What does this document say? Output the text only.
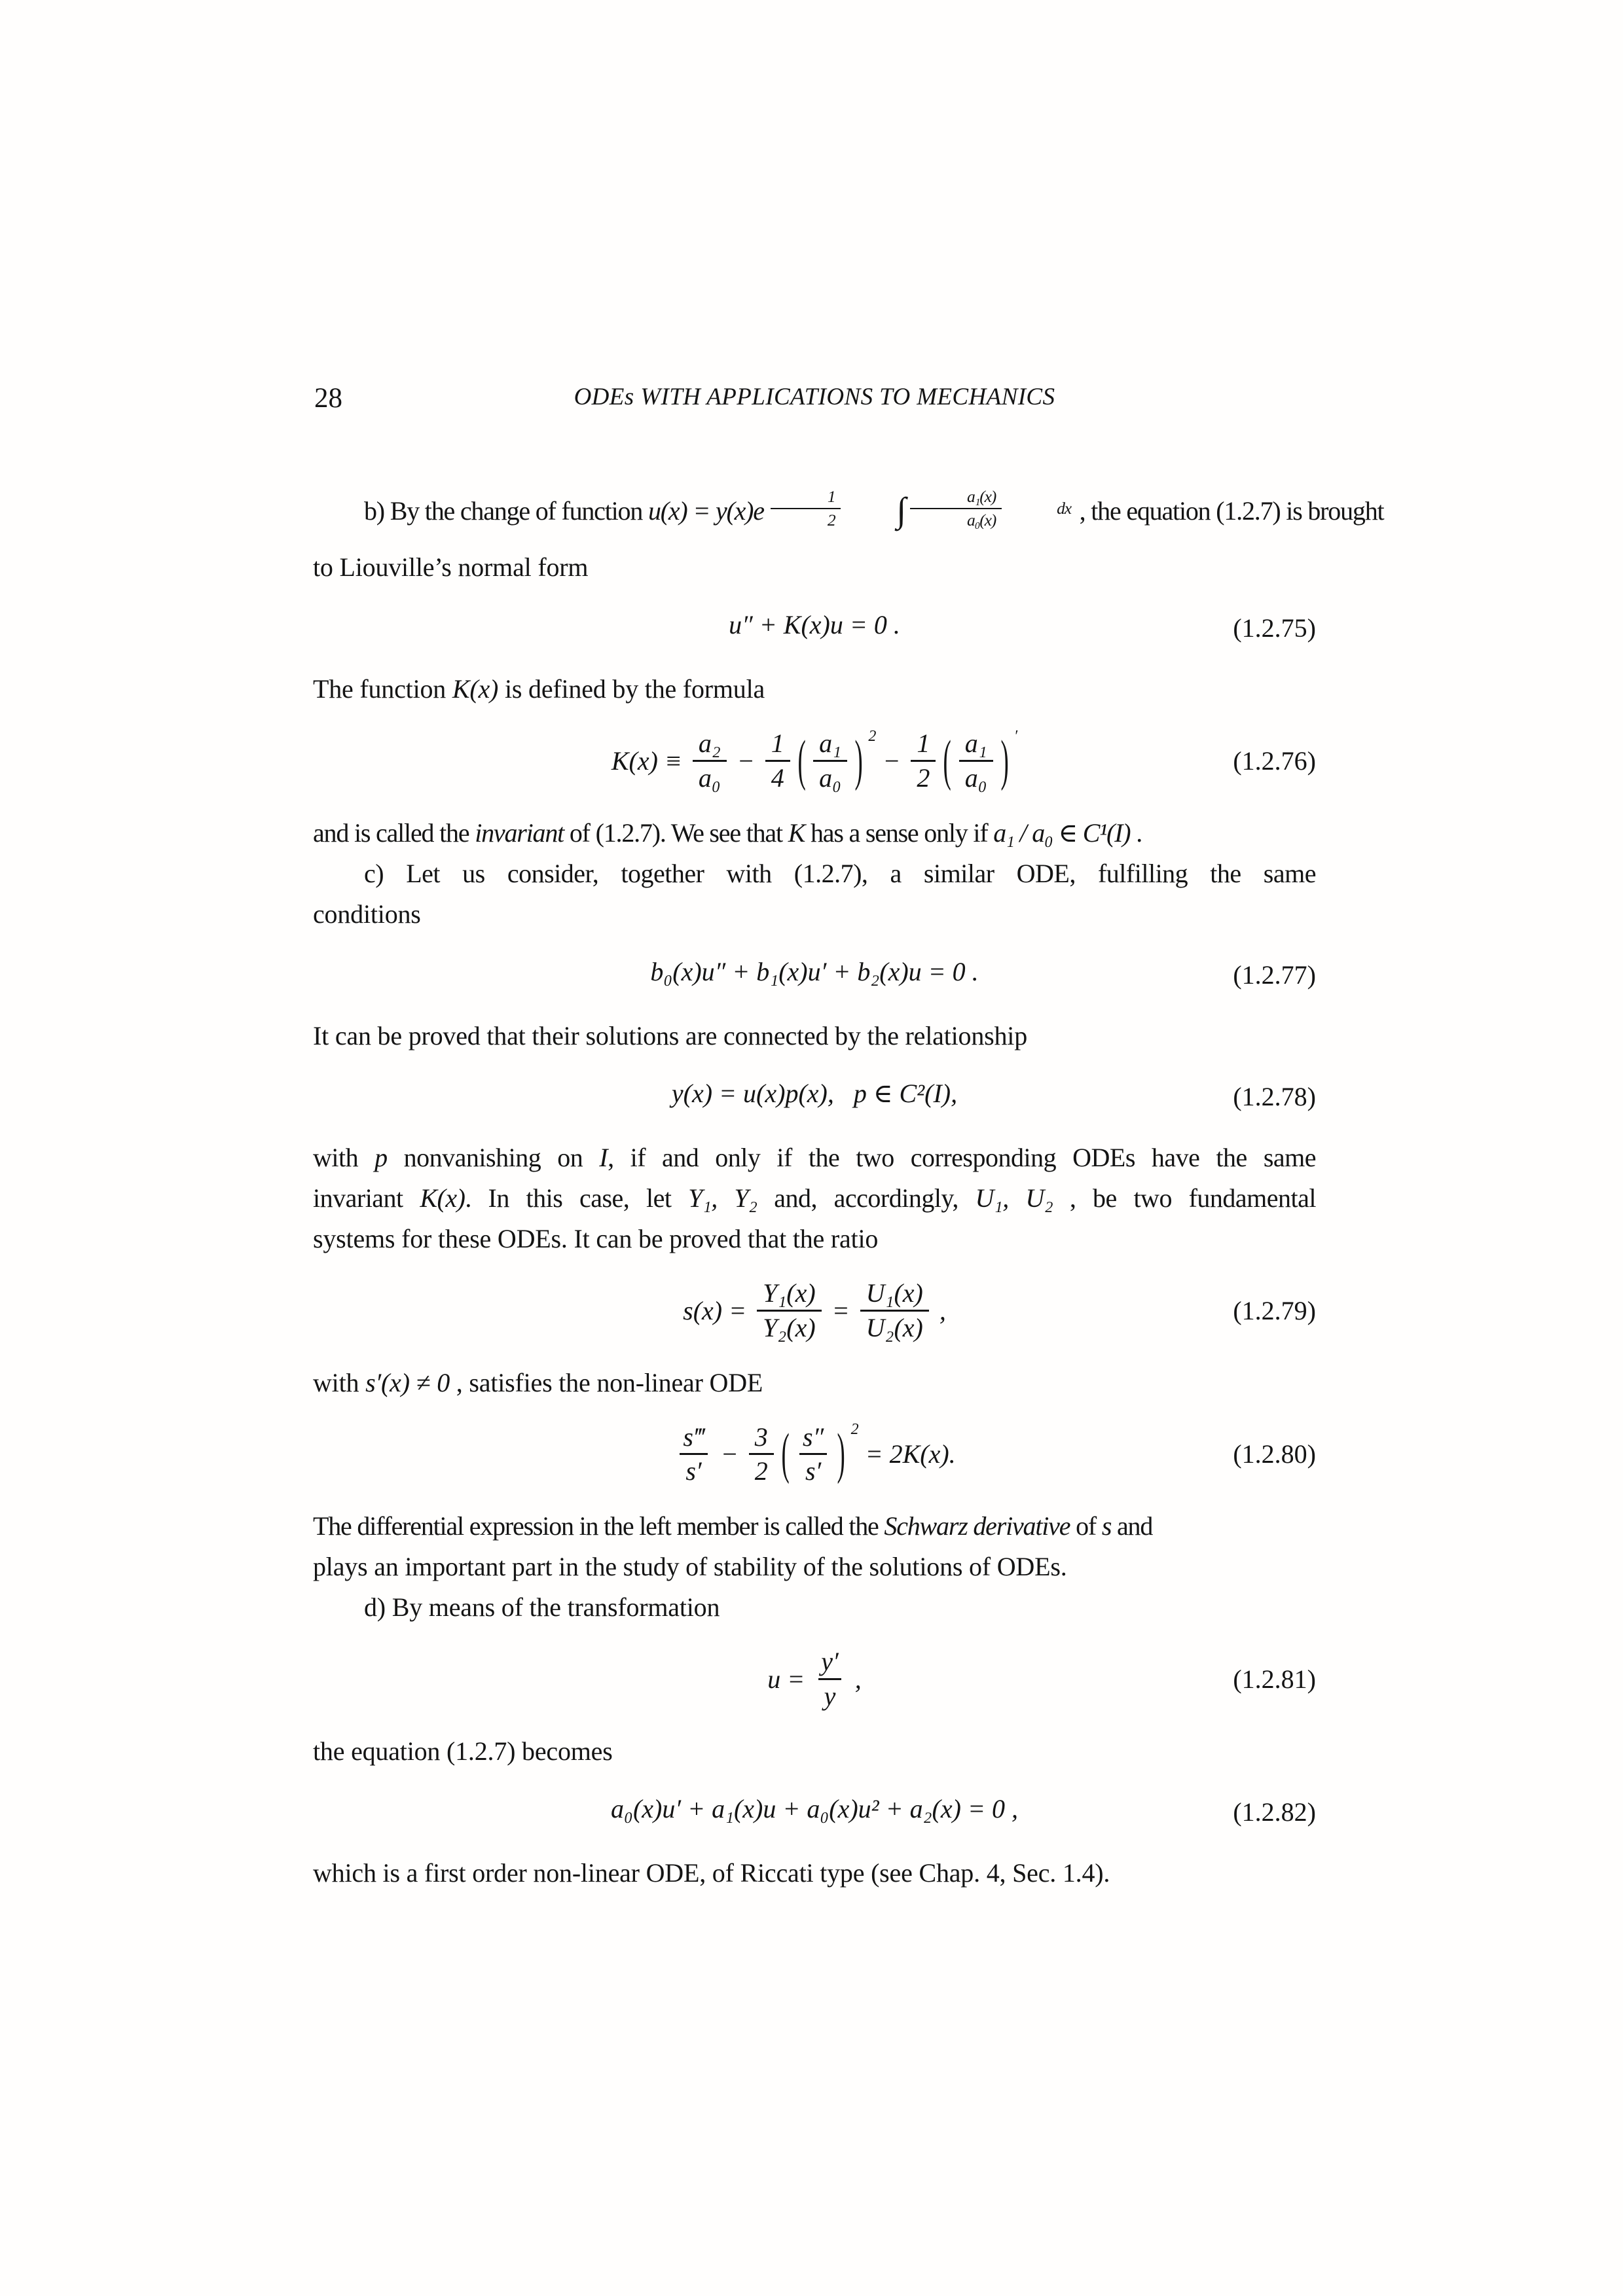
28	ODEs WITH APPLICATIONS TO MECHANICS
b) By the change of function $u(x) = y(x)e \frac{1}{2}$	∫ $\frac{\text{a₁(x)}}{\text{a₀(x)}}$	dx , the equation (1.2.7) is brought
to Liouville’s normal form
u″ + K(x)u = 0 .	(1.2.75)
The function K(x) is defined by the formula
$K(x) \equiv \frac{\text{a₂}}{\text{a₀}} - \frac{1}{4}$ ( $\frac{\text{a₁}}{\text{a₀}}$ ) 2
− $\frac{1}{2}$ ( $\frac{\text{a₁}}{\text{a₀}}$ ) ′
(1.2.76)
and is called the invariant of (1.2.7). We see that K has a sense only if a₁ / a₀ ∈ C¹(I) .
c) Let us consider, together with (1.2.7), a similar ODE, fulfilling the same
conditions
b₀(x)u″ + b₁(x)u′ + b₂(x)u = 0 .	(1.2.77)
It can be proved that their solutions are connected by the relationship
y(x) = u(x)p(x),   p ∈ C²(I),	(1.2.78)
with p nonvanishing on I, if and only if the two corresponding ODEs have the same
invariant K(x). In this case, let Y₁, Y₂ and, accordingly, U₁, U₂ , be two fundamental
systems for these ODEs. It can be proved that the ratio
$s(x) = \frac{\text{Y₁(x)}}{\text{Y₂(x)}} = \frac{\text{U₁(x)}}{\text{U₂(x)}}$ ,	(1.2.79)
with s′(x) ≠ 0 , satisfies the non-linear ODE
$\frac{s‴}{s'} - \frac{3}{2}$ ( $\frac{s''}{s'}$ ) 2
= 2K(x).	(1.2.80)
The differential expression in the left member is called the Schwarz derivative of s and
plays an important part in the study of stability of the solutions of ODEs.
d) By means of the transformation
$u = \frac{y'}{y}$ ,	(1.2.81)
the equation (1.2.7) becomes
a₀(x)u′ + a₁(x)u + a₀(x)u² + a₂(x) = 0 ,	(1.2.82)
which is a first order non-linear ODE, of Riccati type (see Chap. 4, Sec. 1.4).
